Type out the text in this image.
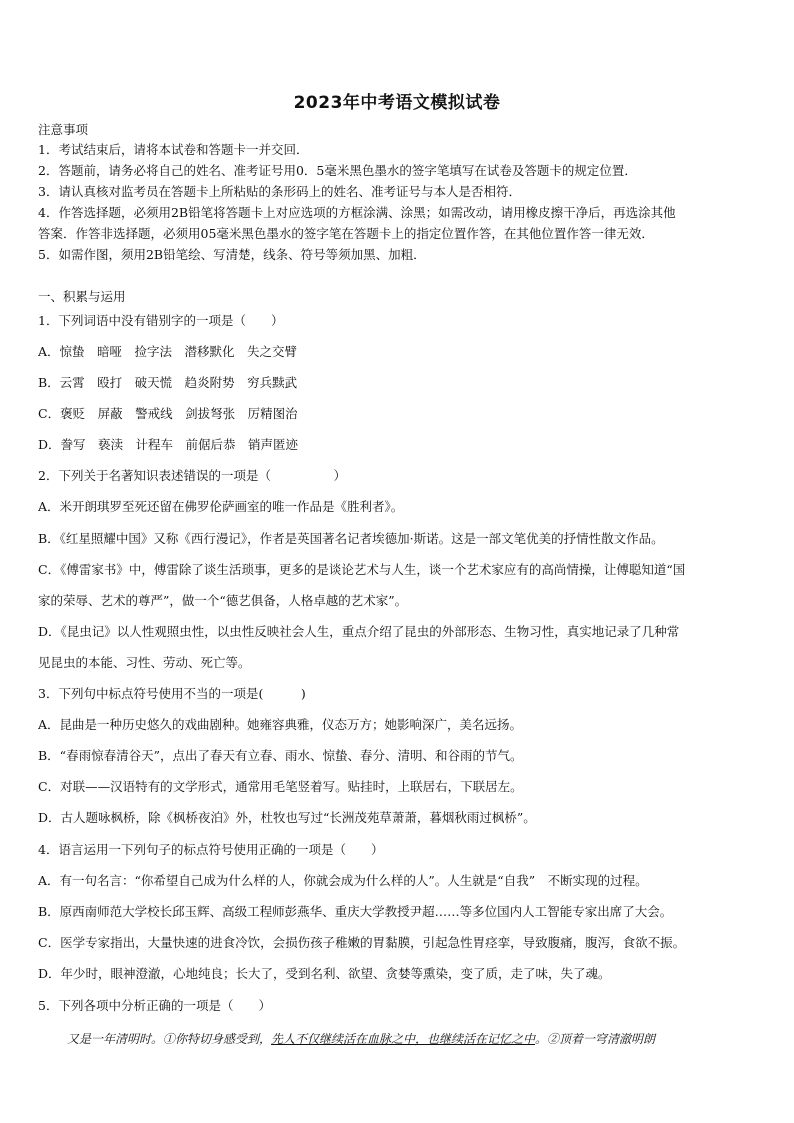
2023年中考语文模拟试卷
注意事项
1．考试结束后，请将本试卷和答题卡一并交回．
2．答题前，请务必将自己的姓名、准考证号用0．5毫米黑色墨水的签字笔填写在试卷及答题卡的规定位置．
3．请认真核对监考员在答题卡上所粘贴的条形码上的姓名、准考证号与本人是否相符．
4．作答选择题，必须用2B铅笔将答题卡上对应选项的方框涂满、涂黑；如需改动，请用橡皮擦干净后，再选涂其他
答案．作答非选择题，必须用05毫米黑色墨水的签字笔在答题卡上的指定位置作答，在其他位置作答一律无效．
5．如需作图，须用2B铅笔绘、写清楚，线条、符号等须加黑、加粗．
一、积累与运用
1．下列词语中没有错别字的一项是（　　）
A．惊蛰　暗哑　捡字法　潜移默化　失之交臂
B．云霄　殴打　破天慌　趋炎附势　穷兵黩武
C．褒贬　屏蔽　警戒线　剑拔弩张　厉精图治
D．誊写　亵渎　计程车　前倨后恭　销声匿迹
2．下列关于名著知识表述错误的一项是（　　　　　）
A．米开朗琪罗至死还留在佛罗伦萨画室的唯一作品是《胜利者》。
B．《红星照耀中国》又称《西行漫记》，作者是英国著名记者埃德加·斯诺。这是一部文笔优美的抒情性散文作品。
C．《傅雷家书》中，傅雷除了谈生活琐事，更多的是谈论艺术与人生，谈一个艺术家应有的高尚情操，让傅聪知道“国
家的荣辱、艺术的尊严”，做一个“德艺俱备，人格卓越的艺术家”。
D．《昆虫记》以人性观照虫性，以虫性反映社会人生，重点介绍了昆虫的外部形态、生物习性，真实地记录了几种常
见昆虫的本能、习性、劳动、死亡等。
3．下列句中标点符号使用不当的一项是(　　　)
A．昆曲是一种历史悠久的戏曲剧种。她雍容典雅，仪态万方；她影响深广，美名远扬。
B．“春雨惊春清谷天”，点出了春天有立春、雨水、惊蛰、春分、清明、和谷雨的节气。
C．对联——汉语特有的文学形式，通常用毛笔竖着写。贴挂时，上联居右，下联居左。
D．古人题咏枫桥，除《枫桥夜泊》外，杜牧也写过“长洲茂苑草萧萧，暮烟秋雨过枫桥”。
4．语言运用一下列句子的标点符号使用正确的一项是（　　）
A．有一句名言：“你希望自己成为什么样的人，你就会成为什么样的人”。人生就是“自我”　不断实现的过程。
B．原西南师范大学校长邱玉辉、高级工程师彭燕华、重庆大学教授尹超……等多位国内人工智能专家出席了大会。
C．医学专家指出，大量快速的进食冷饮，会损伤孩子稚嫩的胃黏膜，引起急性胃痉挛，导致腹痛，腹泻，食欲不振。
D．年少时，眼神澄澈，心地纯良；长大了，受到名利、欲望、贪婪等熏染，变了质，走了味，失了魂。
5．下列各项中分析正确的一项是（　　）
又是一年清明时。①你特切身感受到，先人不仅继续活在血脉之中，也继续活在记忆之中。②顶着一穹清澈明朗
